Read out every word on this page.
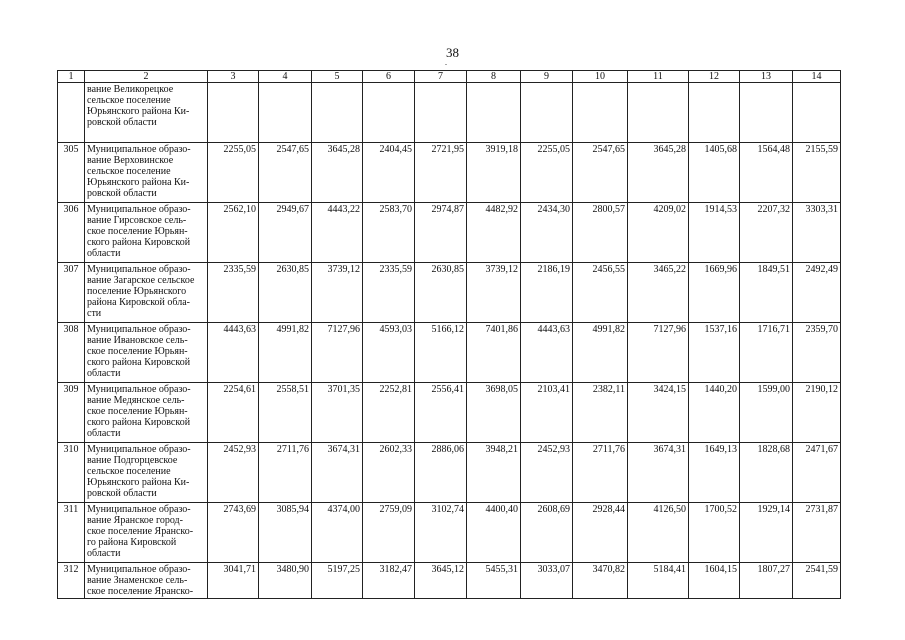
38
.
1	2	3	4	5	6	7	8	9	10	11	12	13	14

	вание Великорецкое
сельское поселение
Юрьянского района Ки-
ровской области												

305	Муниципальное образо-
вание Верховинское
сельское поселение
Юрьянского района Ки-
ровской области	2255,05	2547,65	3645,28	2404,45	2721,95	3919,18	2255,05	2547,65	3645,28	1405,68	1564,48	2155,59
306	Муниципальное образо-
вание Гирсовское сель-
ское поселение Юрьян-
ского района Кировской
области	2562,10	2949,67	4443,22	2583,70	2974,87	4482,92	2434,30	2800,57	4209,02	1914,53	2207,32	3303,31
307	Муниципальное образо-
вание Загарское сельское
поселение Юрьянского
района Кировской обла-
сти	2335,59	2630,85	3739,12	2335,59	2630,85	3739,12	2186,19	2456,55	3465,22	1669,96	1849,51	2492,49
308	Муниципальное образо-
вание Ивановское сель-
ское поселение Юрьян-
ского района Кировской
области	4443,63	4991,82	7127,96	4593,03	5166,12	7401,86	4443,63	4991,82	7127,96	1537,16	1716,71	2359,70
309	Муниципальное образо-
вание Медянское сель-
ское поселение Юрьян-
ского района Кировской
области	2254,61	2558,51	3701,35	2252,81	2556,41	3698,05	2103,41	2382,11	3424,15	1440,20	1599,00	2190,12
310	Муниципальное образо-
вание Подгорцевское
сельское поселение
Юрьянского района Ки-
ровской области	2452,93	2711,76	3674,31	2602,33	2886,06	3948,21	2452,93	2711,76	3674,31	1649,13	1828,68	2471,67
311	Муниципальное образо-
вание Яранское город-
ское поселение Яранско-
го района Кировской
области	2743,69	3085,94	4374,00	2759,09	3102,74	4400,40	2608,69	2928,44	4126,50	1700,52	1929,14	2731,87
312	Муниципальное образо-
вание Знаменское сель-
ское поселение Яранско-	3041,71	3480,90	5197,25	3182,47	3645,12	5455,31	3033,07	3470,82	5184,41	1604,15	1807,27	2541,59
